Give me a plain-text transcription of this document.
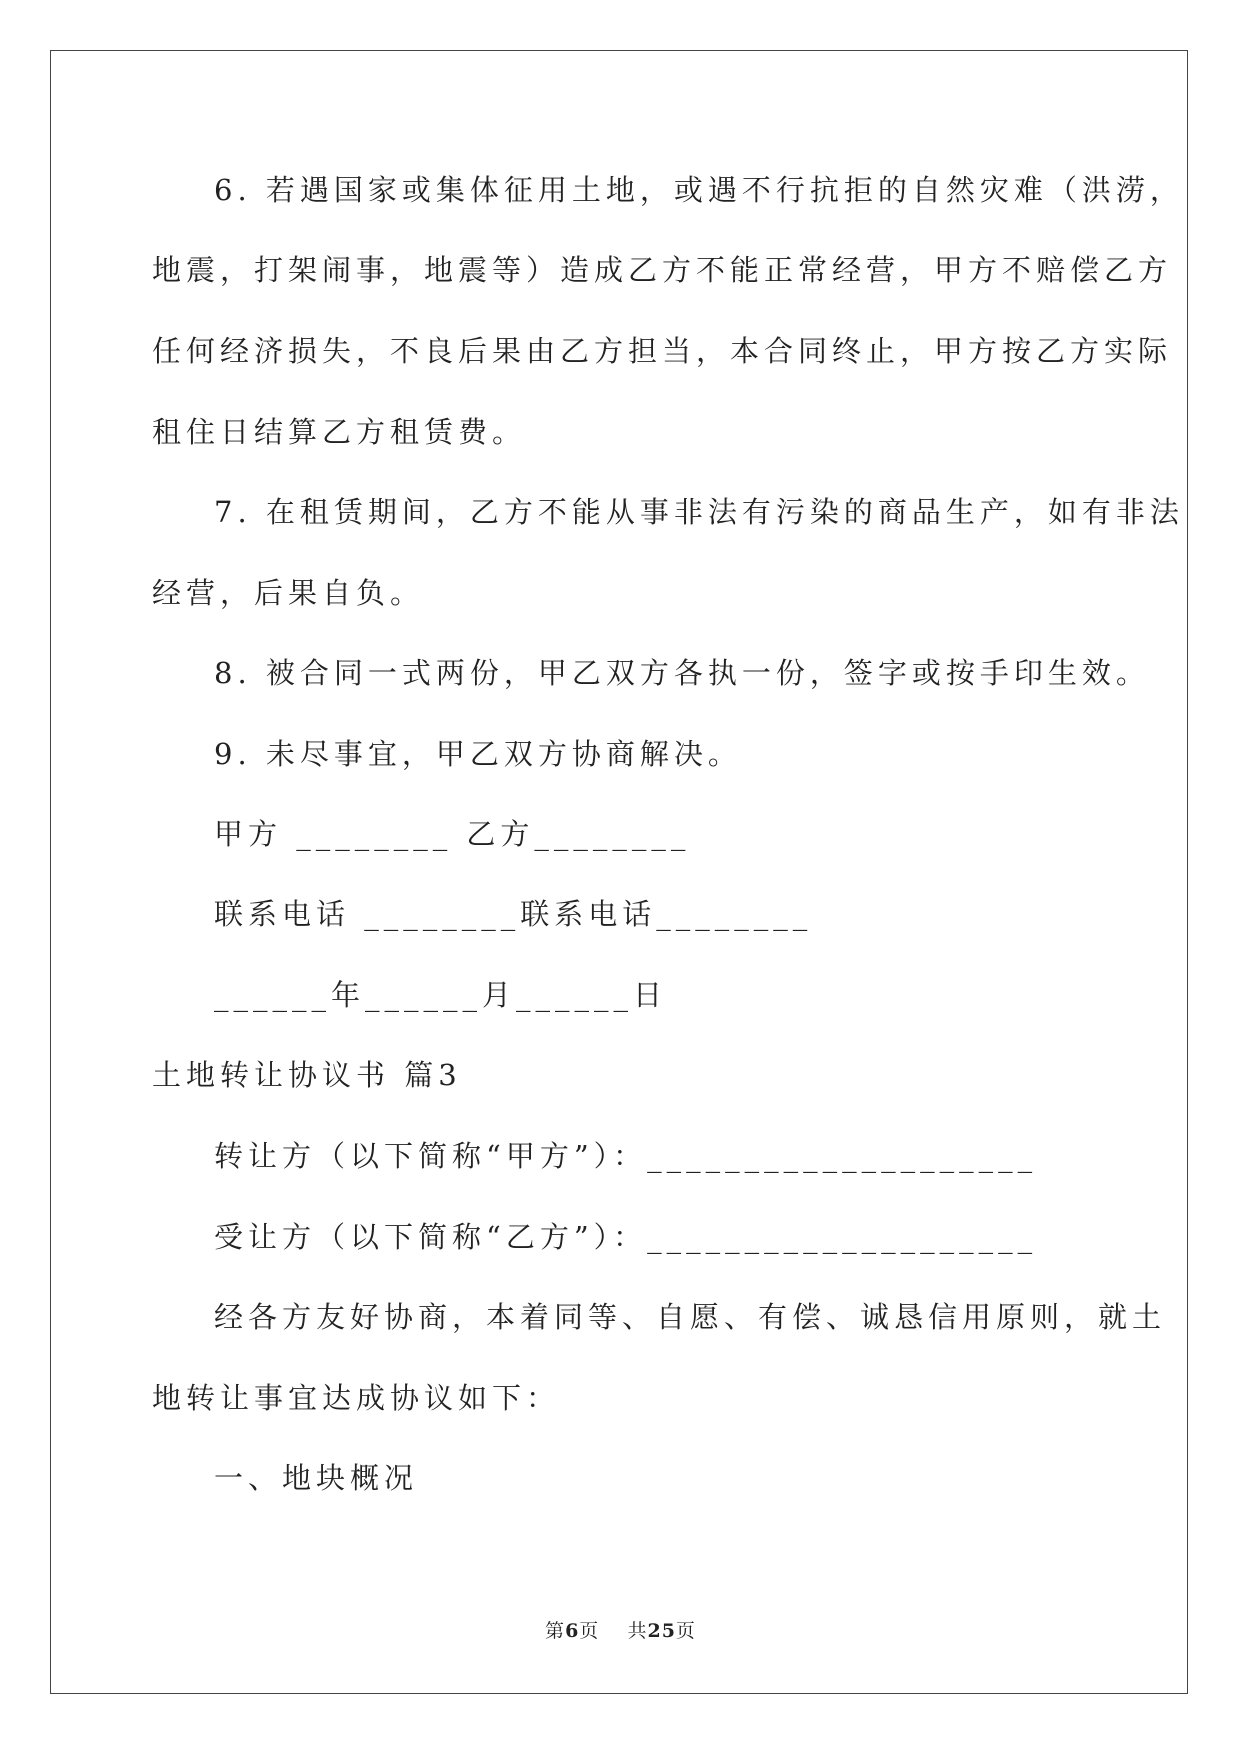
6. 若遇国家或集体征用土地，或遇不行抗拒的自然灾难（洪涝，
地震，打架闹事，地震等）造成乙方不能正常经营，甲方不赔偿乙方
任何经济损失，不良后果由乙方担当，本合同终止，甲方按乙方实际
租住日结算乙方租赁费。
7. 在租赁期间，乙方不能从事非法有污染的商品生产，如有非法
经营，后果自负。
8. 被合同一式两份，甲乙双方各执一份，签字或按手印生效。
9. 未尽事宜，甲乙双方协商解决。
甲方 ________ 乙方________
联系电话 ________联系电话________
______年______月______日
土地转让协议书 篇3
转让方（以下简称“甲方”）：____________________
受让方（以下简称“乙方”）：____________________
经各方友好协商，本着同等、自愿、有偿、诚恳信用原则，就土
地转让事宜达成协议如下：
一、地块概况
第6页    共25页
